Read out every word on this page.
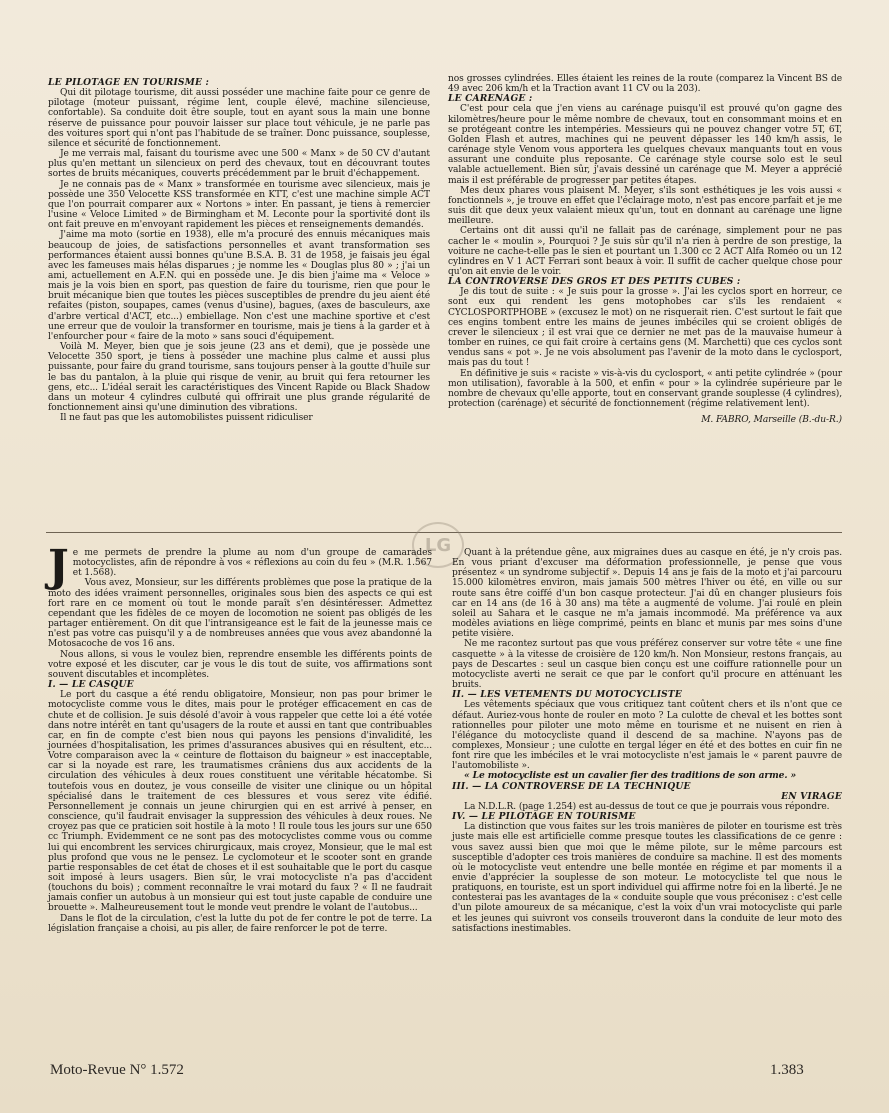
LE PILOTAGE EN TOURISME :

Qui dit pilotage tourisme, dit aussi posséder une machine faite pour ce genre de pilotage (moteur puissant, régime lent, couple élevé, machine silencieuse, confortable). Sa conduite doit être souple, tout en ayant sous la main une bonne réserve de puissance pour pouvoir laisser sur place tout véhicule, je ne parle pas des voitures sport qui n'ont pas l'habitude de se traîner. Donc puissance, souplesse, silence et sécurité de fonctionnement.

Je me verrais mal, faisant du tourisme avec une 500 « Manx » de 50 CV d'autant plus qu'en mettant un silencieux on perd des chevaux, tout en découvrant toutes sortes de bruits mécaniques, couverts précédemment par le bruit d'échappement.

Je ne connais pas de « Manx » transformée en tourisme avec silencieux, mais je possède une 350 Velocette KSS transformée en KTT, c'est une machine simple ACT que l'on pourrait comparer aux « Nortons » inter. En passant, je tiens à remercier l'usine « Veloce Limited » de Birmingham et M. Leconte pour la sportivité dont ils ont fait preuve en m'envoyant rapidement les pièces et renseignements demandés.

J'aime ma moto (sortie en 1938), elle m'a procuré des ennuis mécaniques mais beaucoup de joies, de satisfactions personnelles et avant transformation ses performances étaient aussi bonnes qu'une B.S.A. B. 31 de 1958, je faisais jeu égal avec les fameuses mais hélas disparues ; je nomme les « Douglas plus 80 » ; j'ai un ami, actuellement en A.F.N. qui en possède une. Je dis bien j'aime ma « Veloce » mais je la vois bien en sport, pas question de faire du tourisme, rien que pour le bruit mécanique bien que toutes les pièces susceptibles de prendre du jeu aient été refaites (piston, soupapes, cames (venus d'usine), bagues, (axes de basculeurs, axe d'arbre vertical d'ACT, etc...) embiellage. Non c'est une machine sportive et c'est une erreur que de vouloir la transformer en tourisme, mais je tiens à la garder et à l'enfourcher pour « faire de la moto » sans souci d'équipement.

Voilà M. Meyer, bien que je sois jeune (23 ans et demi), que je possède une Velocette 350 sport, je tiens à posséder une machine plus calme et aussi plus puissante, pour faire du grand tourisme, sans toujours penser à la goutte d'huile sur le bas du pantalon, à la pluie qui risque de venir, au bruit qui fera retourner les gens, etc... L'idéal serait les caractéristiques des Vincent Rapide ou Black Shadow dans un moteur 4 cylindres culbuté qui offrirait une plus grande régularité de fonctionnement ainsi qu'une diminution des vibrations.

Il ne faut pas que les automobilistes puissent ridiculiser

nos grosses cylindrées. Elles étaient les reines de la route (comparez la Vincent BS de 49 avec 206 km/h et la Traction avant 11 CV ou la 203).

LE CARENAGE :

C'est pour cela que j'en viens au carénage puisqu'il est prouvé qu'on gagne des kilomètres/heure pour le même nombre de chevaux, tout en consommant moins et en se protégeant contre les intempéries. Messieurs qui ne pouvez changer votre 5T, 6T, Golden Flash et autres, machines qui ne peuvent dépasser les 140 km/h assis, le carénage style Venom vous apportera les quelques chevaux manquants tout en vous assurant une conduite plus reposante. Ce carénage style course solo est le seul valable actuellement. Bien sûr, j'avais dessiné un carénage que M. Meyer a apprécié mais il est préférable de progresser par petites étapes.

Mes deux phares vous plaisent M. Meyer, s'ils sont esthétiques je les vois aussi « fonctionnels », je trouve en effet que l'éclairage moto, n'est pas encore parfait et je me suis dit que deux yeux valaient mieux qu'un, tout en donnant au carénage une ligne meilleure.

Certains ont dit aussi qu'il ne fallait pas de carénage, simplement pour ne pas cacher le « moulin », Pourquoi ? Je suis sûr qu'il n'a rien à perdre de son prestige, la voiture ne cache-t-elle pas le sien et pourtant un 1.300 cc 2 ACT Alfa Roméo ou un 12 cylindres en V 1 ACT Ferrari sont beaux à voir. Il suffit de cacher quelque chose pour qu'on ait envie de le voir.

LA CONTROVERSE DES GROS ET DES PETITS CUBES :

Je dis tout de suite : « Je suis pour la grosse ». J'ai les cyclos sport en horreur, ce sont eux qui rendent les gens motophobes car s'ils les rendaient « CYCLOSPORTPHOBE » (excusez le mot) on ne risquerait rien. C'est surtout le fait que ces engins tombent entre les mains de jeunes imbéciles qui se croient obligés de crever le silencieux ; il est vrai que ce dernier ne met pas de la mauvaise humeur à tomber en ruines, ce qui fait croire à certains gens (M. Marchetti) que ces cyclos sont vendus sans « pot ». Je ne vois absolument pas l'avenir de la moto dans le cyclosport, mais pas du tout !

En définitive je suis « raciste » vis-à-vis du cyclosport, « anti petite cylindrée » (pour mon utilisation), favorable à la 500, et enfin « pour » la cylindrée supérieure par le nombre de chevaux qu'elle apporte, tout en conservant grande souplesse (4 cylindres), protection (carénage) et sécurité de fonctionnement (régime relativement lent).

M. FABRO, Marseille (B.-du-R.)

LG

Je me permets de prendre la plume au nom d'un groupe de camarades motocyclistes, afin de répondre à vos « réflexions au coin du feu » (M.R. 1.567 et 1.568).

Vous avez, Monsieur, sur les différents problèmes que pose la pratique de la moto des idées vraiment personnelles, originales sous bien des aspects ce qui est fort rare en ce moment où tout le monde paraît s'en désintéresser. Admettez cependant que les fidèles de ce moyen de locomotion ne soient pas obligés de les partager entièrement. On dit que l'intransigeance est le fait de la jeunesse mais ce n'est pas votre cas puisqu'il y a de nombreuses années que vous avez abandonné la Motosacoche de vos 16 ans.

Nous allons, si vous le voulez bien, reprendre ensemble les différents points de votre exposé et les discuter, car je vous le dis tout de suite, vos affirmations sont souvent discutables et incomplètes.

I. — LE CASQUE

Le port du casque a été rendu obligatoire, Monsieur, non pas pour brimer le motocycliste comme vous le dites, mais pour le protéger efficacement en cas de chute et de collision. Je suis désolé d'avoir à vous rappeler que cette loi a été votée dans notre intérêt en tant qu'usagers de la route et aussi en tant que contribuables car, en fin de compte c'est bien nous qui payons les pensions d'invalidité, les journées d'hospitalisation, les primes d'assurances abusives qui en résultent, etc... Votre comparaison avec la « ceinture de flottaison du baigneur » est inacceptable, car si la noyade est rare, les traumatismes crâniens dus aux accidents de la circulation des véhicules à deux roues constituent une véritable hécatombe. Si toutefois vous en doutez, je vous conseille de visiter une clinique ou un hôpital spécialisé dans le traitement de ces blessures et vous serez vite édifié. Personnellement je connais un jeune chirurgien qui en est arrivé à penser, en conscience, qu'il faudrait envisager la suppression des véhicules à deux roues. Ne croyez pas que ce praticien soit hostile à la moto ! Il roule tous les jours sur une 650 cc Triumph. Evidemment ce ne sont pas des motocyclistes comme vous ou comme lui qui encombrent les services chirurgicaux, mais croyez, Monsieur, que le mal est plus profond que vous ne le pensez. Le cyclomoteur et le scooter sont en grande partie responsables de cet état de choses et il est souhaitable que le port du casque soit imposé à leurs usagers. Bien sûr, le vrai motocycliste n'a pas d'accident (touchons du bois) ; comment reconnaître le vrai motard du faux ? « Il ne faudrait jamais confier un autobus à un monsieur qui est tout juste capable de conduire une brouette ». Malheureusement tout le monde veut prendre le volant de l'autobus...

Dans le flot de la circulation, c'est la lutte du pot de fer contre le pot de terre. La législation française a choisi, au pis aller, de faire renforcer le pot de terre.

Quant à la prétendue gêne, aux migraines dues au casque en été, je n'y crois pas. En vous priant d'excuser ma déformation professionnelle, je pense que vous présentez « un syndrome subjectif ». Depuis 14 ans je fais de la moto et j'ai parcouru 15.000 kilomètres environ, mais jamais 500 mètres l'hiver ou été, en ville ou sur route sans être coiffé d'un bon casque protecteur. J'ai dû en changer plusieurs fois car en 14 ans (de 16 à 30 ans) ma tête a augmenté de volume. J'ai roulé en plein soleil au Sahara et le casque ne m'a jamais incommodé. Ma préférence va aux modèles aviations en liège comprimé, peints en blanc et munis par mes soins d'une petite visière.

Ne me racontez surtout pas que vous préférez conserver sur votre tête « une fine casquette » à la vitesse de croisière de 120 km/h. Non Monsieur, restons français, au pays de Descartes : seul un casque bien conçu est une coiffure rationnelle pour un motocycliste averti ne serait ce que par le confort qu'il procure en atténuant les bruits.

II. — LES VETEMENTS DU MOTOCYCLISTE

Les vêtements spéciaux que vous critiquez tant coûtent chers et ils n'ont que ce défaut. Auriez-vous honte de rouler en moto ? La culotte de cheval et les bottes sont rationnelles pour piloter une moto même en tourisme et ne nuisent en rien à l'élégance du motocycliste quand il descend de sa machine. N'ayons pas de complexes, Monsieur ; une culotte en tergal léger en été et des bottes en cuir fin ne font rire que les imbéciles et le vrai motocycliste n'est jamais le « parent pauvre de l'automobiliste ».

« Le motocycliste est un cavalier fier des traditions de son arme. »

III. — LA CONTROVERSE DE LA TECHNIQUE
EN VIRAGE

La N.D.L.R. (page 1.254) est au-dessus de tout ce que je pourrais vous répondre.

IV. — LE PILOTAGE EN TOURISME

La distinction que vous faites sur les trois manières de piloter en tourisme est très juste mais elle est artificielle comme presque toutes les classifications de ce genre : vous savez aussi bien que moi que le même pilote, sur le même parcours est susceptible d'adopter ces trois manières de conduire sa machine. Il est des moments où le motocycliste veut entendre une belle montée en régime et par moments il a envie d'apprécier la souplesse de son moteur. Le motocycliste tel que nous le pratiquons, en touriste, est un sport individuel qui affirme notre foi en la liberté. Je ne contesterai pas les avantages de la « conduite souple que vous préconisez : c'est celle d'un pilote amoureux de sa mécanique, c'est la voix d'un vrai motocycliste qui parle et les jeunes qui suivront vos conseils trouveront dans la conduite de leur moto des satisfactions inestimables.

Moto-Revue N° 1.572	1.383
